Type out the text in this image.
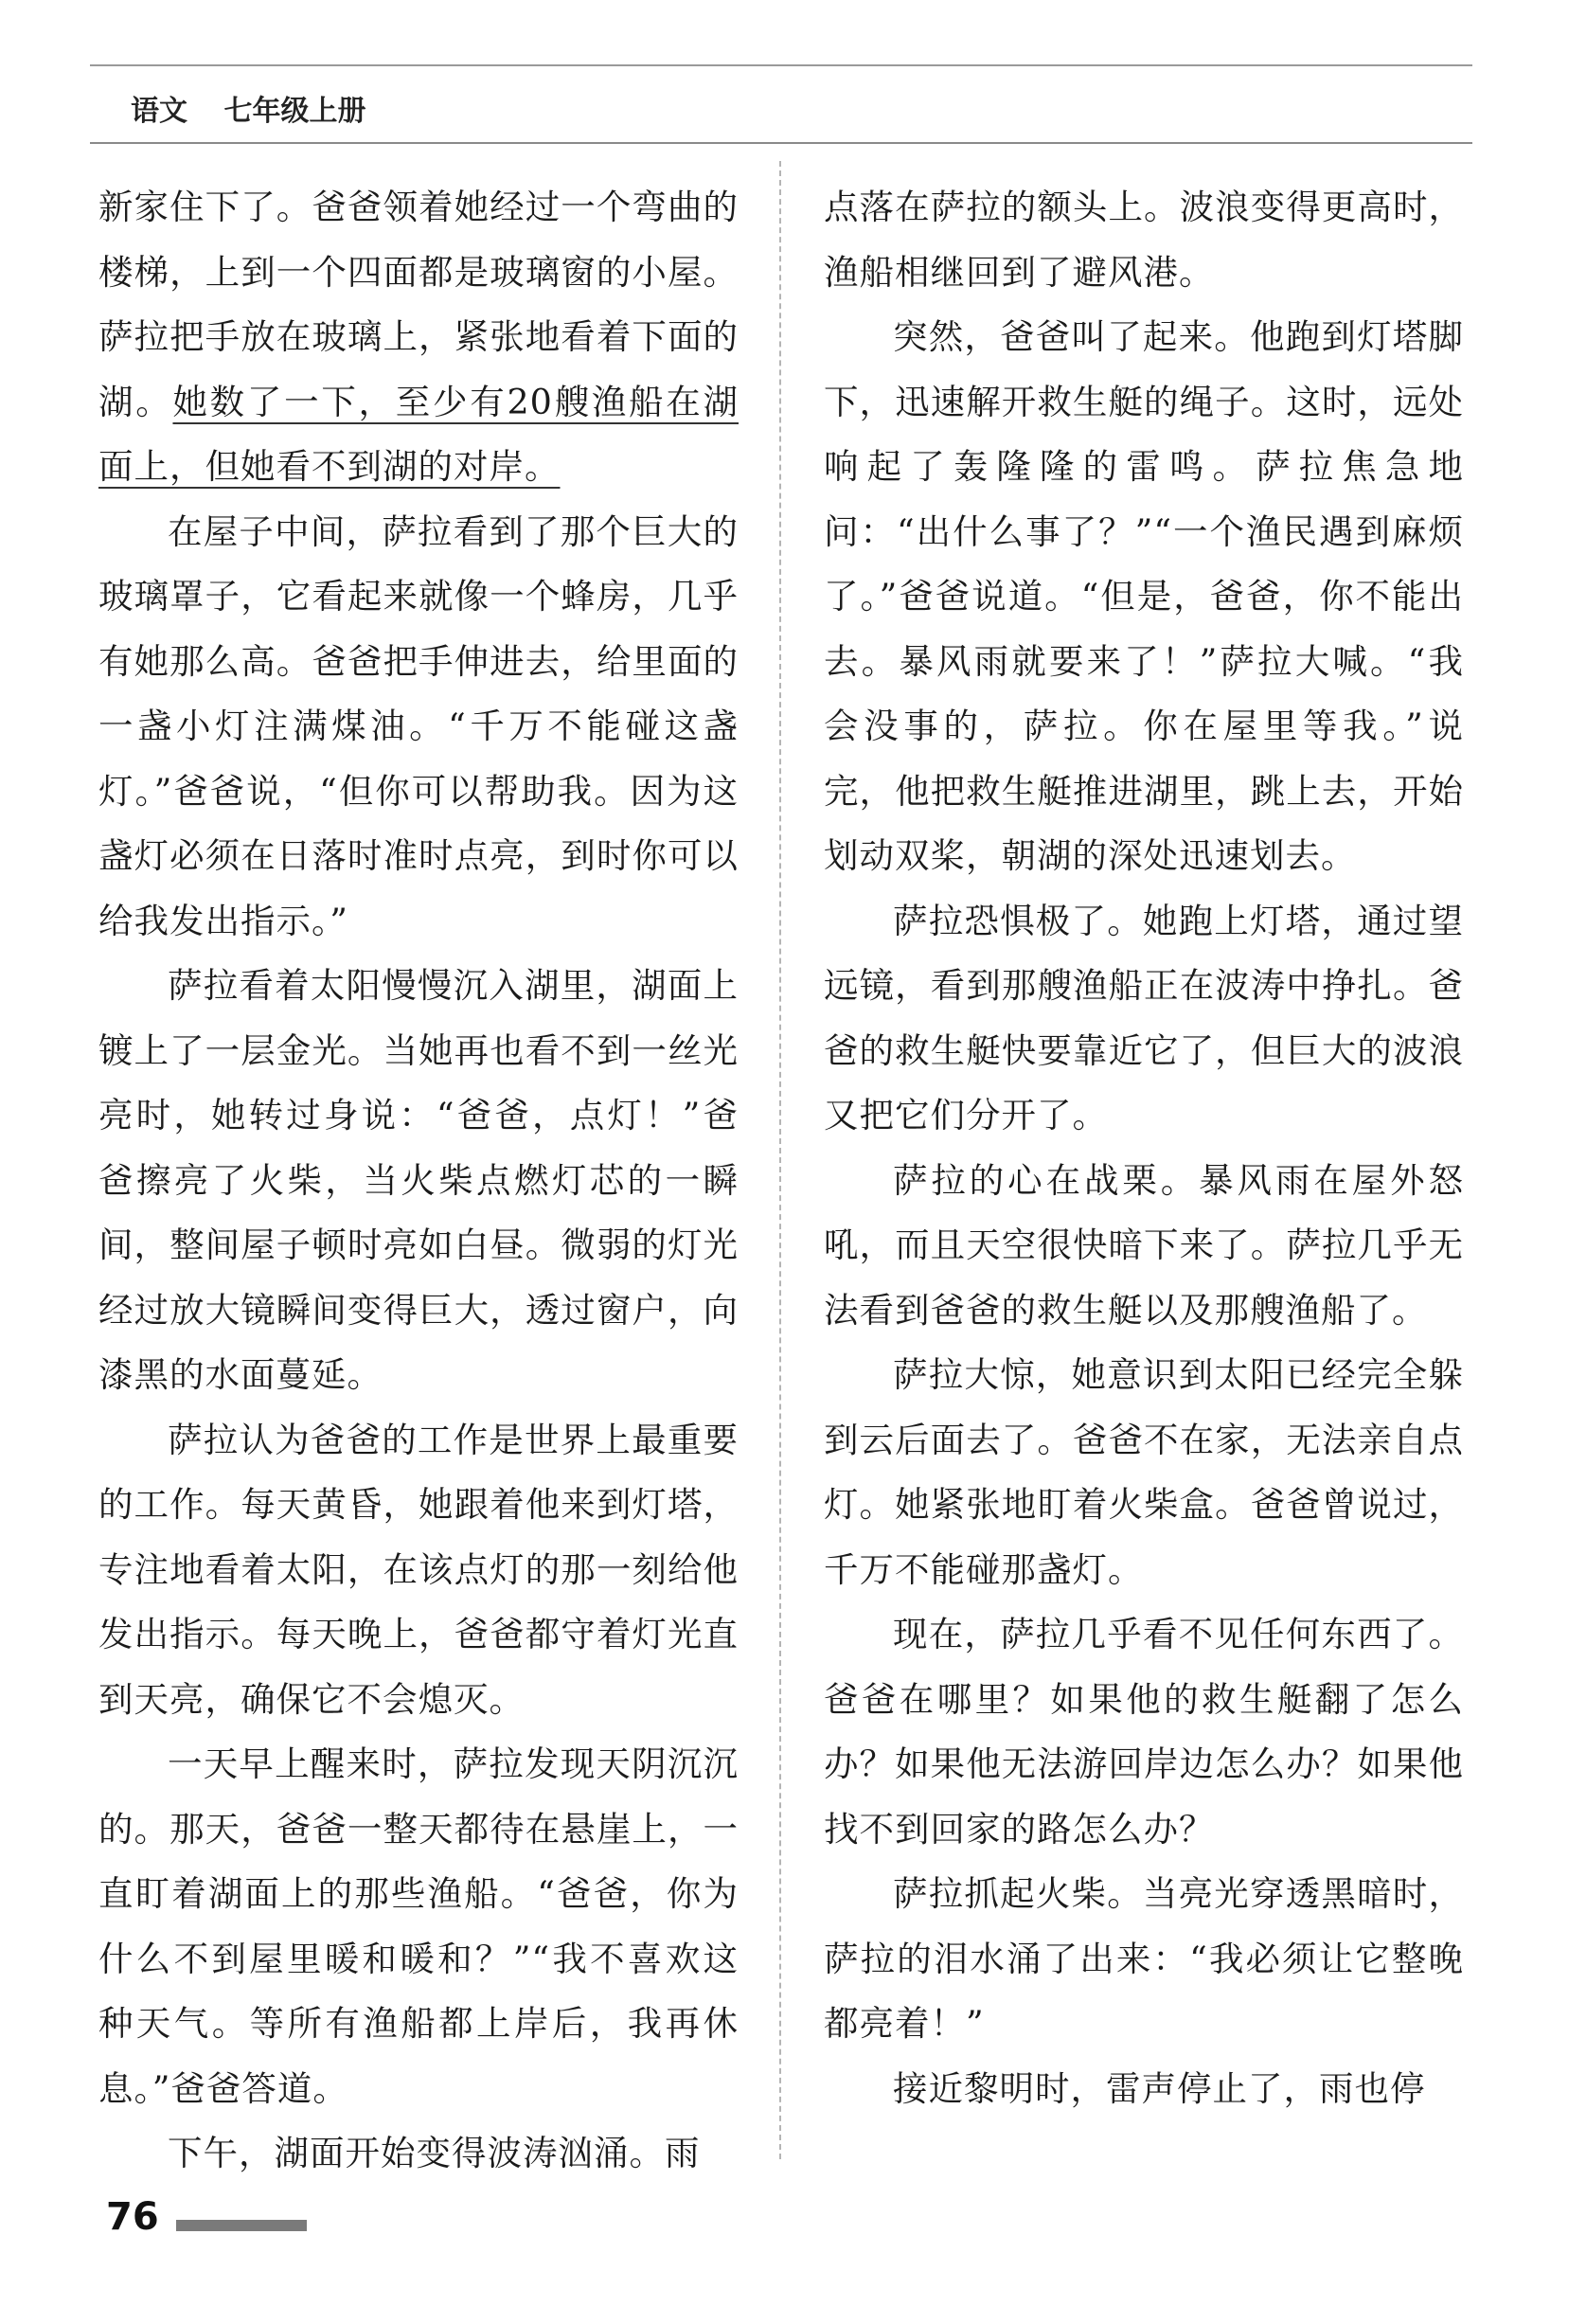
语文 七年级上册

新家住下了。爸爸领着她经过一个弯曲的楼梯，上到一个四面都是玻璃窗的小屋。萨拉把手放在玻璃上，紧张地看着下面的湖。她数了一下，至少有20艘渔船在湖面上，但她看不到湖的对岸。

在屋子中间，萨拉看到了那个巨大的玻璃罩子，它看起来就像一个蜂房，几乎有她那么高。爸爸把手伸进去，给里面的一盏小灯注满煤油。“千万不能碰这盏灯。”爸爸说，“但你可以帮助我。因为这盏灯必须在日落时准时点亮，到时你可以给我发出指示。”

萨拉看着太阳慢慢沉入湖里，湖面上镀上了一层金光。当她再也看不到一丝光亮时，她转过身说：“爸爸，点灯！”爸爸擦亮了火柴，当火柴点燃灯芯的一瞬间，整间屋子顿时亮如白昼。微弱的灯光经过放大镜瞬间变得巨大，透过窗户，向漆黑的水面蔓延。

萨拉认为爸爸的工作是世界上最重要的工作。每天黄昏，她跟着他来到灯塔，专注地看着太阳，在该点灯的那一刻给他发出指示。每天晚上，爸爸都守着灯光直到天亮，确保它不会熄灭。

一天早上醒来时，萨拉发现天阴沉沉的。那天，爸爸一整天都待在悬崖上，一直盯着湖面上的那些渔船。“爸爸，你为什么不到屋里暖和暖和？”“我不喜欢这种天气。等所有渔船都上岸后，我再休息。”爸爸答道。

下午，湖面开始变得波涛汹涌。雨

点落在萨拉的额头上。波浪变得更高时，渔船相继回到了避风港。

突然，爸爸叫了起来。他跑到灯塔脚下，迅速解开救生艇的绳子。这时，远处响起了轰隆隆的雷鸣。萨拉焦急地问：“出什么事了？”“一个渔民遇到麻烦了。”爸爸说道。“但是，爸爸，你不能出去。暴风雨就要来了！”萨拉大喊。“我会没事的，萨拉。你在屋里等我。”说完，他把救生艇推进湖里，跳上去，开始划动双桨，朝湖的深处迅速划去。

萨拉恐惧极了。她跑上灯塔，通过望远镜，看到那艘渔船正在波涛中挣扎。爸爸的救生艇快要靠近它了，但巨大的波浪又把它们分开了。

萨拉的心在战栗。暴风雨在屋外怒吼，而且天空很快暗下来了。萨拉几乎无法看到爸爸的救生艇以及那艘渔船了。

萨拉大惊，她意识到太阳已经完全躲到云后面去了。爸爸不在家，无法亲自点灯。她紧张地盯着火柴盒。爸爸曾说过，千万不能碰那盏灯。

现在，萨拉几乎看不见任何东西了。爸爸在哪里？如果他的救生艇翻了怎么办？如果他无法游回岸边怎么办？如果他找不到回家的路怎么办？

萨拉抓起火柴。当亮光穿透黑暗时，萨拉的泪水涌了出来：“我必须让它整晚都亮着！”

接近黎明时，雷声停止了，雨也停

76
